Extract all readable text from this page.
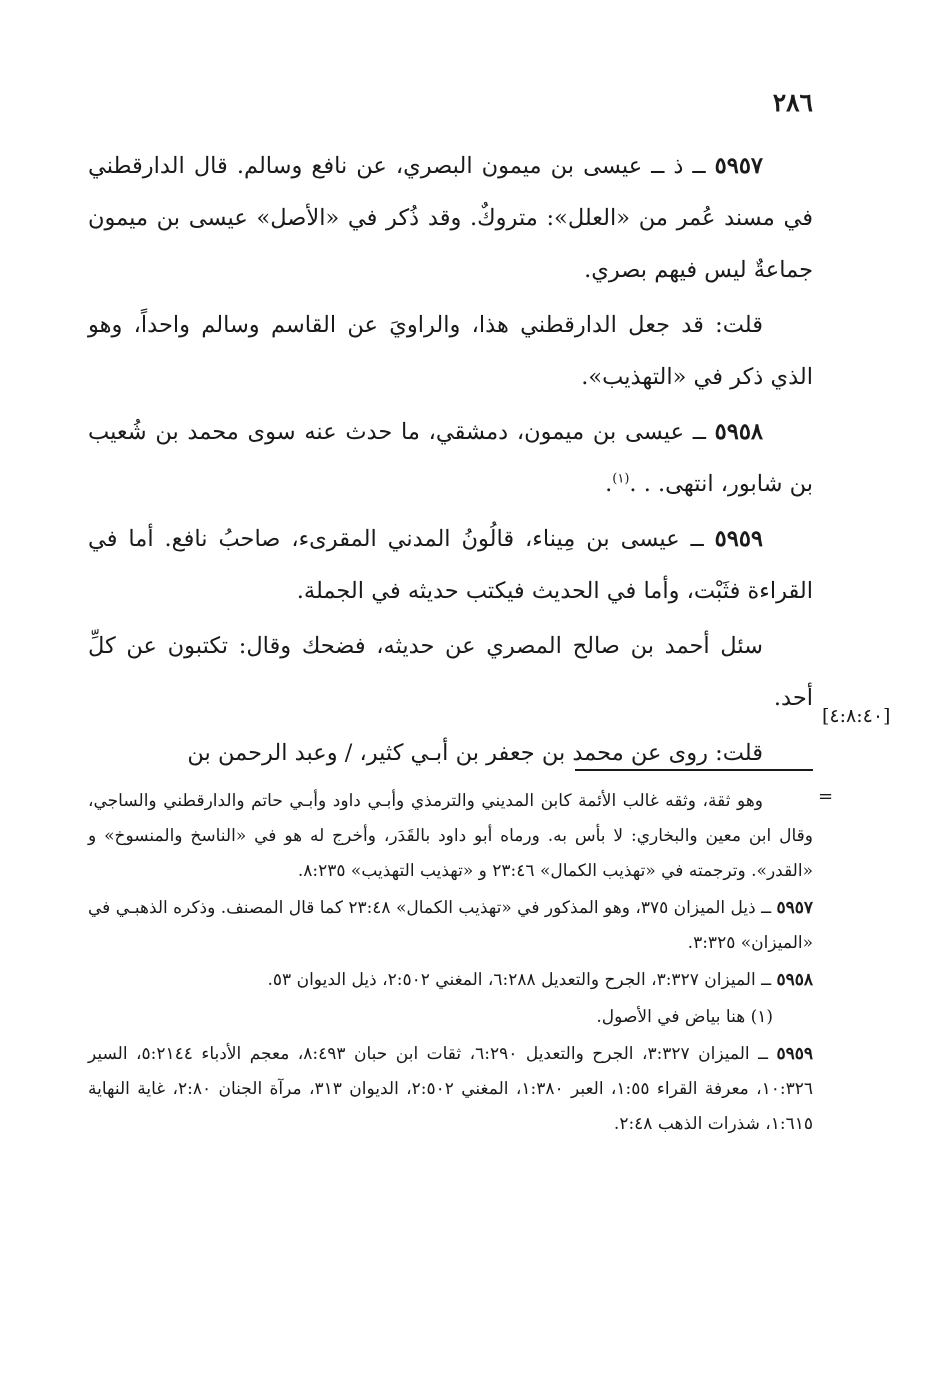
٢٨٦

٥٩٥٧ ــ ذ ــ عيسى بن ميمون البصري، عن نافع وسالم. قال الدارقطني في مسند عُمر من «العلل»: متروكٌ. وقد ذُكر في «الأصل» عيسى بن ميمون جماعةٌ ليس فيهم بصري.

قلت: قد جعل الدارقطني هذا، والراويَ عن القاسم وسالم واحداً، وهو الذي ذكر في «التهذيب».

٥٩٥٨ ــ عيسى بن ميمون، دمشقي، ما حدث عنه سوى محمد بن شُعيب بن شابور، انتهى. . .$^{(١)}$.

٥٩٥٩ ــ عيسى بن مِيناء، قالُونُ المدني المقرىء، صاحبُ نافع. أما في القراءة فثَبْت، وأما في الحديث فيكتب حديثه في الجملة.

سئل أحمد بن صالح المصري عن حديثه، فضحك وقال: تكتبون عن كلِّ أحد.

قلت: روى عن محمد بن جعفر بن أبـي كثير، / وعبد الرحمن بن

[٤:٨:٤٠]
=

وهو ثقة، وثقه غالب الأئمة كابن المديني والترمذي وأبـي داود وأبـي حاتم والدارقطني والساجي، وقال ابن معين والبخاري: لا بأس به. ورماه أبو داود بالقَدَر، وأخرج له هو في «الناسخ والمنسوخ» و «القدر». وترجمته في «تهذيب الكمال» ٢٣:٤٦ و «تهذيب التهذيب» ٨:٢٣٥.

٥٩٥٧ ــ ذيل الميزان ٣٧٥، وهو المذكور في «تهذيب الكمال» ٢٣:٤٨ كما قال المصنف. وذكره الذهبـي في «الميزان» ٣:٣٢٥.

٥٩٥٨ ــ الميزان ٣:٣٢٧، الجرح والتعديل ٦:٢٨٨، المغني ٢:٥٠٢، ذيل الديوان ٥٣.

(١) هنا بياض في الأصول.

٥٩٥٩ ــ الميزان ٣:٣٢٧، الجرح والتعديل ٦:٢٩٠، ثقات ابن حبان ٨:٤٩٣، معجم الأدباء ٥:٢١٤٤، السير ١٠:٣٢٦، معرفة القراء ١:٥٥، العبر ١:٣٨٠، المغني ٢:٥٠٢، الديوان ٣١٣، مرآة الجنان ٢:٨٠، غاية النهاية ١:٦١٥، شذرات الذهب ٢:٤٨.
